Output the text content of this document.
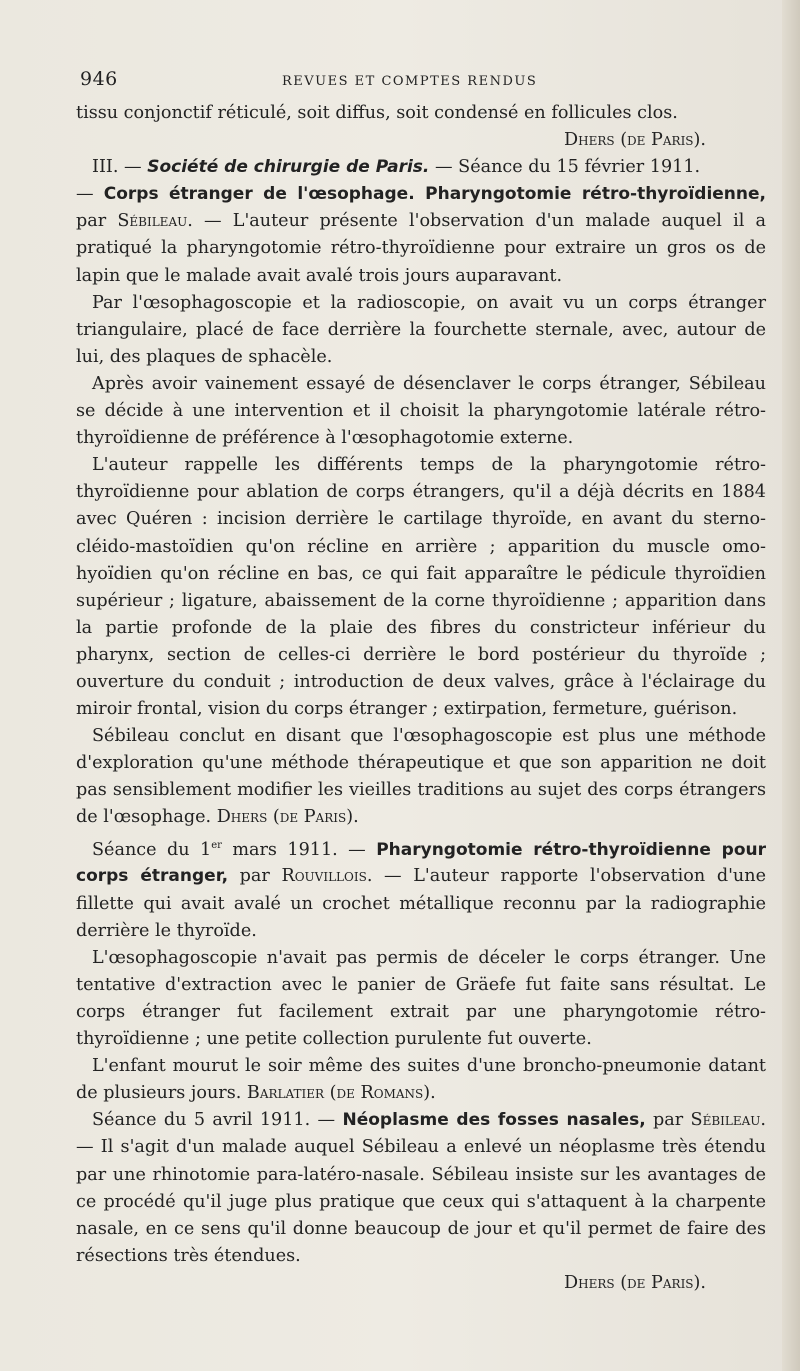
946	REVUES ET COMPTES RENDUS

tissu conjonctif réticulé, soit diffus, soit condensé en follicules clos.
Dhers (de Paris).

III. — Société de chirurgie de Paris. — Séance du 15 février 1911.

— Corps étranger de l'œsophage. Pharyngotomie rétro-thyroïdienne, par Sébileau. — L'auteur présente l'observation d'un malade auquel il a pratiqué la pharyngotomie rétro-thyroïdienne pour extraire un gros os de lapin que le malade avait avalé trois jours auparavant.

Par l'œsophagoscopie et la radioscopie, on avait vu un corps étranger triangulaire, placé de face derrière la fourchette sternale, avec, autour de lui, des plaques de sphacèle.

Après avoir vainement essayé de désenclaver le corps étranger, Sébileau se décide à une intervention et il choisit la pharyngotomie latérale rétro-thyroïdienne de préférence à l'œsophagotomie externe.

L'auteur rappelle les différents temps de la pharyngotomie rétro-thyroïdienne pour ablation de corps étrangers, qu'il a déjà décrits en 1884 avec Quéren : incision derrière le cartilage thyroïde, en avant du sterno-cléido-mastoïdien qu'on récline en arrière ; apparition du muscle omo-hyoïdien qu'on récline en bas, ce qui fait apparaître le pédicule thyroïdien supérieur ; ligature, abaissement de la corne thyroïdienne ; apparition dans la partie profonde de la plaie des fibres du constricteur inférieur du pharynx, section de celles-ci derrière le bord postérieur du thyroïde ; ouverture du conduit ; introduction de deux valves, grâce à l'éclairage du miroir frontal, vision du corps étranger ; extirpation, fermeture, guérison.

Sébileau conclut en disant que l'œsophagoscopie est plus une méthode d'exploration qu'une méthode thérapeutique et que son apparition ne doit pas sensiblement modifier les vieilles traditions au sujet des corps étrangers de l'œsophage. Dhers (de Paris).

Séance du 1er mars 1911. — Pharyngotomie rétro-thyroïdienne pour corps étranger, par Rouvillois. — L'auteur rapporte l'observation d'une fillette qui avait avalé un crochet métallique reconnu par la radiographie derrière le thyroïde.

L'œsophagoscopie n'avait pas permis de déceler le corps étranger. Une tentative d'extraction avec le panier de Gräefe fut faite sans résultat. Le corps étranger fut facilement extrait par une pharyngotomie rétro-thyroïdienne ; une petite collection purulente fut ouverte.

L'enfant mourut le soir même des suites d'une broncho-pneumonie datant de plusieurs jours. Barlatier (de Romans).

Séance du 5 avril 1911. — Néoplasme des fosses nasales, par Sébileau. — Il s'agit d'un malade auquel Sébileau a enlevé un néoplasme très étendu par une rhinotomie para-latéro-nasale. Sébileau insiste sur les avantages de ce procédé qu'il juge plus pratique que ceux qui s'attaquent à la charpente nasale, en ce sens qu'il donne beaucoup de jour et qu'il permet de faire des résections très étendues.
Dhers (de Paris).
